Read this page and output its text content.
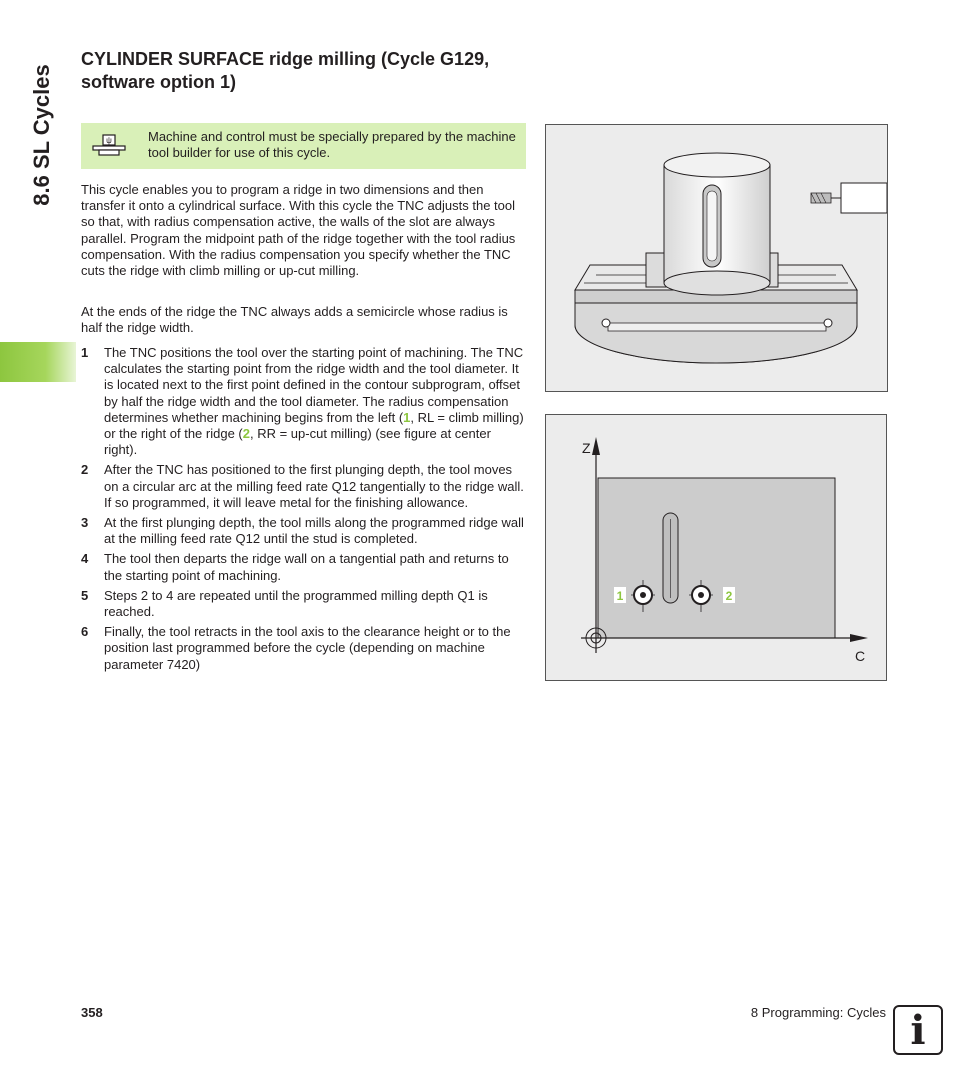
8.6 SL Cycles
CYLINDER SURFACE ridge milling (Cycle G129,
software option 1)
ψ	Machine and control must be specially prepared by the machine tool builder for use of this cycle.

This cycle enables you to program a ridge in two dimensions and then transfer it onto a cylindrical surface. With this cycle the TNC adjusts the tool so that, with radius compensation active, the walls of the slot are always parallel. Program the midpoint path of the ridge together with the tool radius compensation. With the radius compensation you specify whether the TNC cuts the ridge with climb milling or up-cut milling.

At the ends of the ridge the TNC always adds a semicircle whose radius is half the ridge width.

1 The TNC positions the tool over the starting point of machining. The TNC calculates the starting point from the ridge width and the tool diameter. It is located next to the first point defined in the contour subprogram, offset by half the ridge width and the tool diameter. The radius compensation determines whether machining begins from the left (1, RL = climb milling) or the right of the ridge (2, RR = up-cut milling) (see figure at center right).
2 After the TNC has positioned to the first plunging depth, the tool moves on a circular arc at the milling feed rate Q12 tangentially to the ridge wall. If so programmed, it will leave metal for the finishing allowance.
3 At the first plunging depth, the tool mills along the programmed ridge wall at the milling feed rate Q12 until the stud is completed.
4 The tool then departs the ridge wall on a tangential path and returns to the starting point of machining.
5 Steps 2 to 4 are repeated until the programmed milling depth Q1 is reached.
6 Finally, the tool retracts in the tool axis to the clearance height or to the position last programmed before the cycle (depending on machine parameter 7420)
Z
C
1	2
358	8 Programming: Cycles i
